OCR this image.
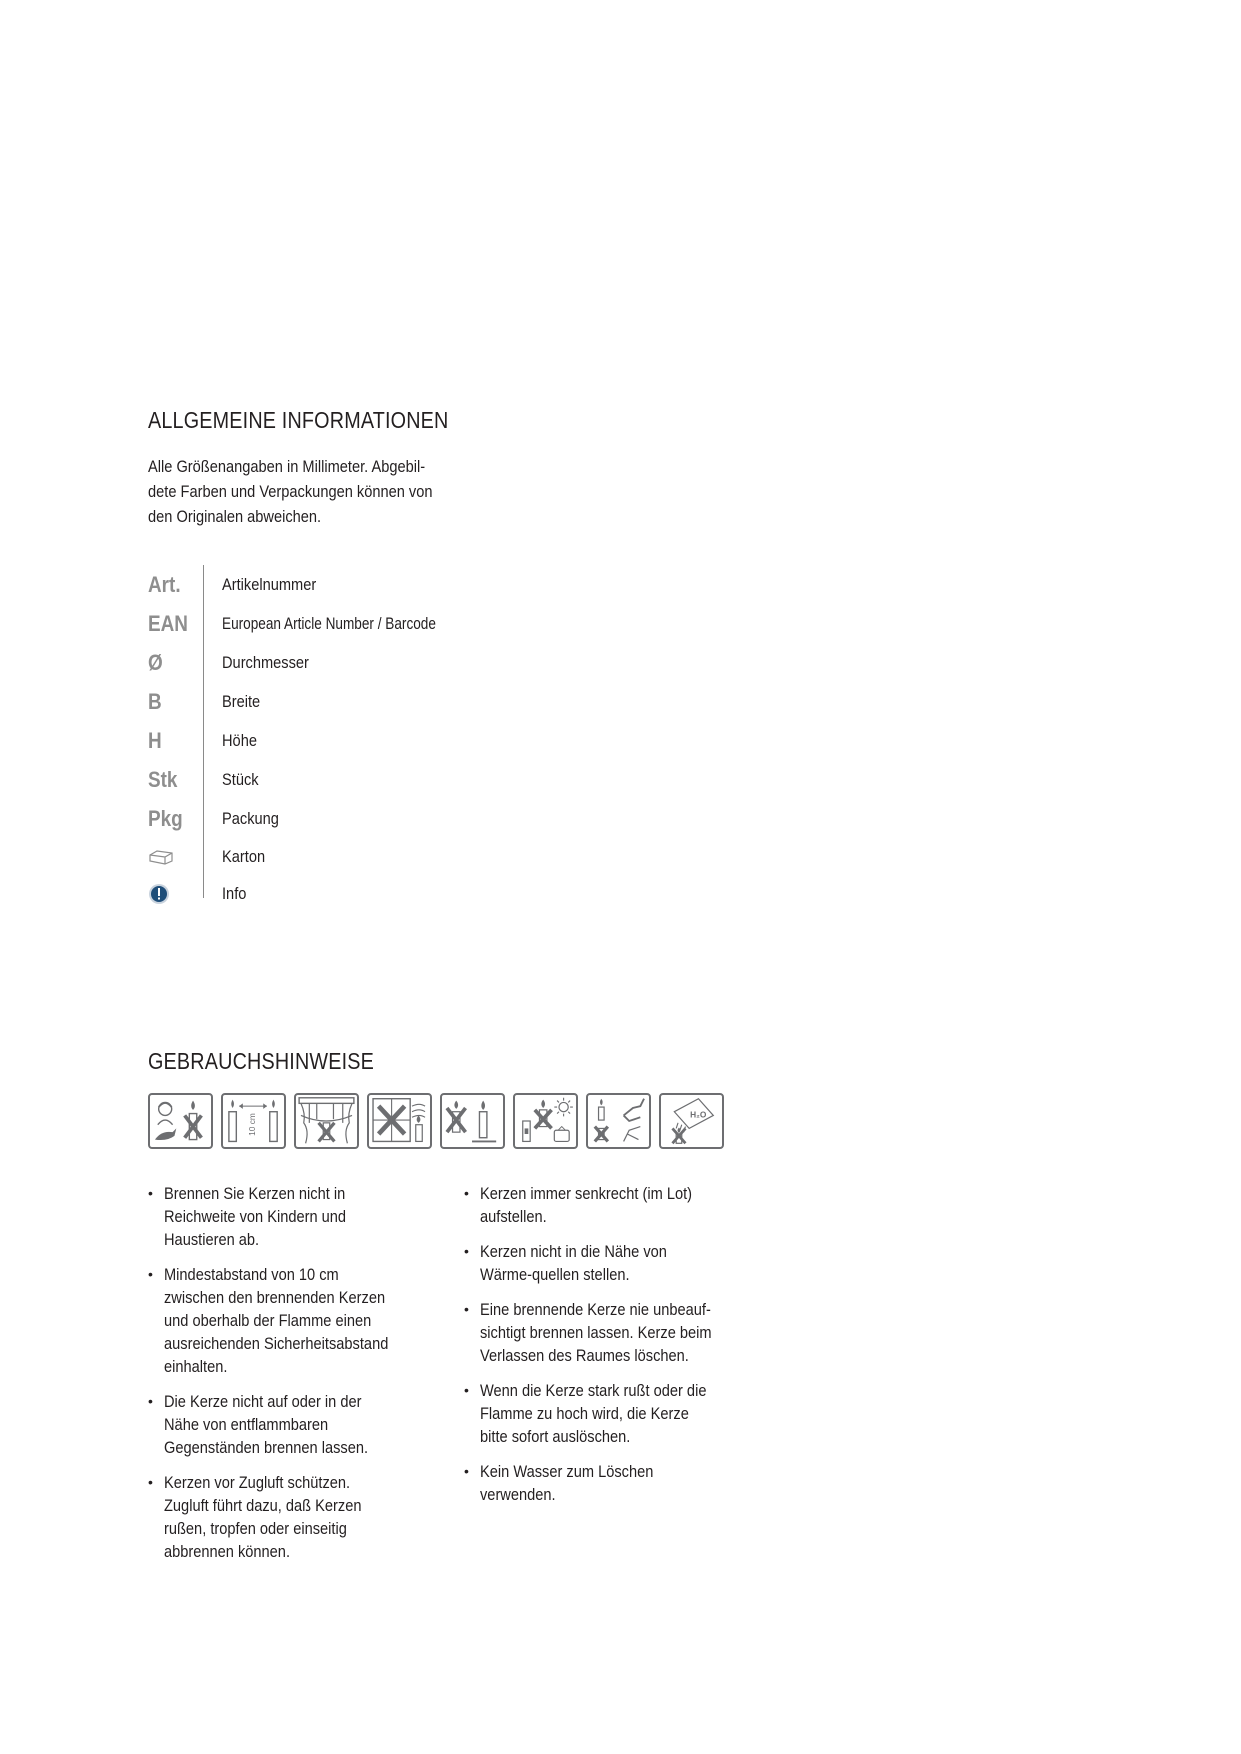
ALLGEMEINE INFORMATIONEN

Alle Größenangaben in Millimeter. Abgebil-
dete Farben und Verpackungen können von
den Originalen abweichen.

Art.	Artikelnummer
EAN	European Article Number / Barcode
Ø	Durchmesser
B	Breite
H	Höhe
Stk	Stück
Pkg	Packung
Karton
Info
GEBRAUCHSHINWEISE
10 cm	H₂O
• Brennen Sie Kerzen nicht in Reichweite von Kindern und Haustieren ab.
• Mindestabstand von 10 cm zwischen den brennenden Kerzen und oberhalb der Flamme einen ausreichenden Sicherheitsabstand einhalten.
• Die Kerze nicht auf oder in der Nähe von entflammbaren Gegenständen brennen lassen.
• Kerzen vor Zugluft schützen. Zugluft führt dazu, daß Kerzen rußen, tropfen oder einseitig abbrennen können.
• Kerzen immer senkrecht (im Lot) aufstellen.
• Kerzen nicht in die Nähe von Wärme-quellen stellen.
• Eine brennende Kerze nie unbeauf-sichtigt brennen lassen. Kerze beim Verlassen des Raumes löschen.
• Wenn die Kerze stark rußt oder die Flamme zu hoch wird, die Kerze bitte sofort auslöschen.
• Kein Wasser zum Löschen verwenden.
